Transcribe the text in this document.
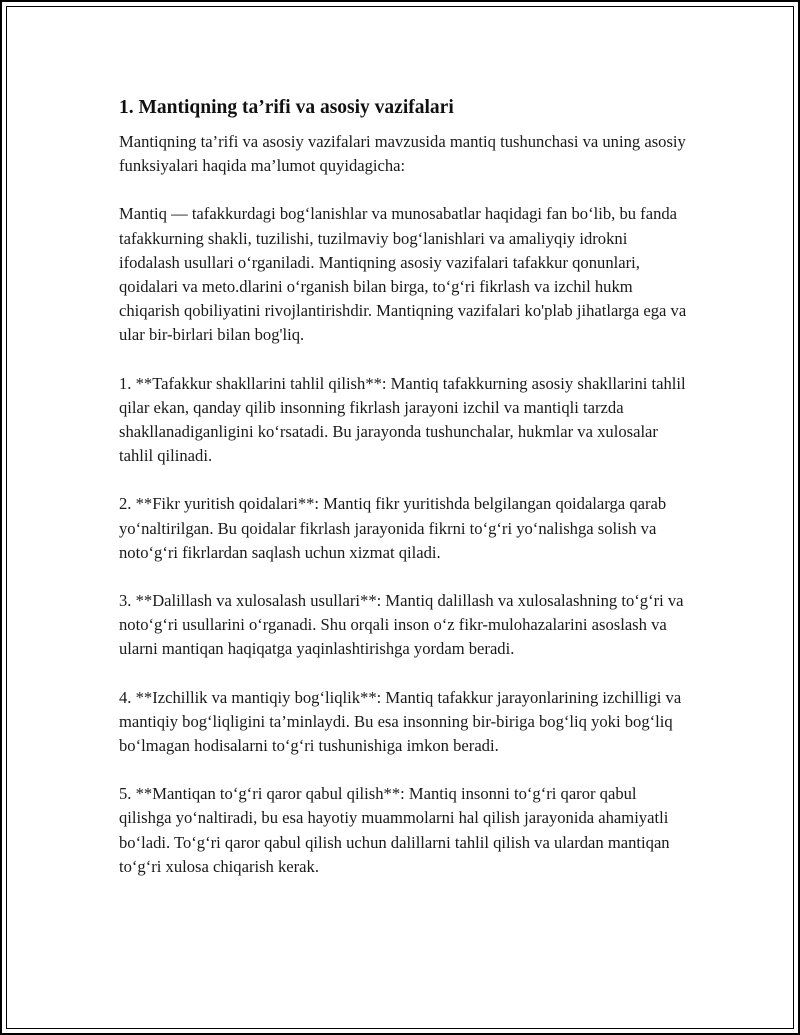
1. Mantiqning ta’rifi va asosiy vazifalari

Mantiqning ta’rifi va asosiy vazifalari mavzusida mantiq tushunchasi va uning asosiy funksiyalari haqida ma’lumot quyidagicha:

Mantiq — tafakkurdagi bog‘lanishlar va munosabatlar haqidagi fan bo‘lib, bu fanda tafakkurning shakli, tuzilishi, tuzilmaviy bog‘lanishlari va amaliyqiy idrokni ifodalash usullari o‘rganiladi. Mantiqning asosiy vazifalari tafakkur qonunlari, qoidalari va meto.dlarini o‘rganish bilan birga, to‘g‘ri fikrlash va izchil hukm chiqarish qobiliyatini rivojlantirishdir. Mantiqning vazifalari ko'plab jihatlarga ega va ular bir-birlari bilan bog'liq.

1. **Tafakkur shakllarini tahlil qilish**: Mantiq tafakkurning asosiy shakllarini tahlil qilar ekan, qanday qilib insonning fikrlash jarayoni izchil va mantiqli tarzda shakllanadiganligini ko‘rsatadi. Bu jarayonda tushunchalar, hukmlar va xulosalar tahlil qilinadi.

2. **Fikr yuritish qoidalari**: Mantiq fikr yuritishda belgilangan qoidalarga qarab yo‘naltirilgan. Bu qoidalar fikrlash jarayonida fikrni to‘g‘ri yo‘nalishga solish va noto‘g‘ri fikrlardan saqlash uchun xizmat qiladi.

3. **Dalillash va xulosalash usullari**: Mantiq dalillash va xulosalashning to‘g‘ri va noto‘g‘ri usullarini o‘rganadi. Shu orqali inson o‘z fikr-mulohazalarini asoslash va ularni mantiqan haqiqatga yaqinlashtirishga yordam beradi.

4. **Izchillik va mantiqiy bog‘liqlik**: Mantiq tafakkur jarayonlarining izchilligi va mantiqiy bog‘liqligini ta’minlaydi. Bu esa insonning bir-biriga bog‘liq yoki bog‘liq bo‘lmagan hodisalarni to‘g‘ri tushunishiga imkon beradi.

5. **Mantiqan to‘g‘ri qaror qabul qilish**: Mantiq insonni to‘g‘ri qaror qabul qilishga yo‘naltiradi, bu esa hayotiy muammolarni hal qilish jarayonida ahamiyatli bo‘ladi. To‘g‘ri qaror qabul qilish uchun dalillarni tahlil qilish va ulardan mantiqan to‘g‘ri xulosa chiqarish kerak.
